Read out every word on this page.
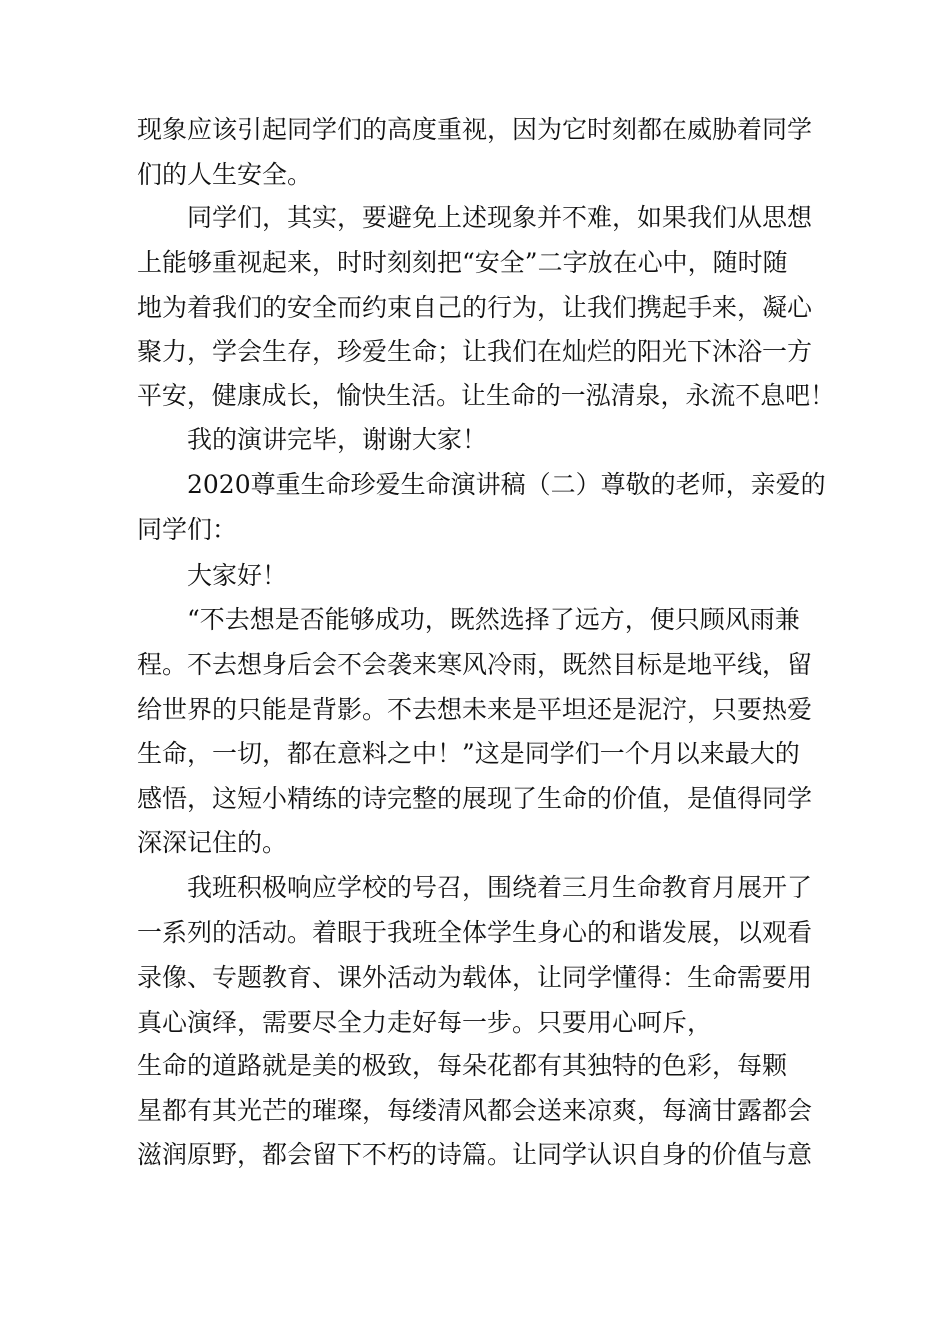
现象应该引起同学们的高度重视，因为它时刻都在威胁着同学
们的人生安全。
同学们，其实，要避免上述现象并不难，如果我们从思想
上能够重视起来，时时刻刻把“安全”二字放在心中，随时随
地为着我们的安全而约束自己的行为，让我们携起手来，凝心
聚力，学会生存，珍爱生命；让我们在灿烂的阳光下沐浴一方
平安，健康成长，愉快生活。让生命的一泓清泉，永流不息吧！
我的演讲完毕，谢谢大家！
2020尊重生命珍爱生命演讲稿（二）尊敬的老师，亲爱的
同学们：
大家好！
“不去想是否能够成功，既然选择了远方，便只顾风雨兼
程。不去想身后会不会袭来寒风冷雨，既然目标是地平线，留
给世界的只能是背影。不去想未来是平坦还是泥泞，只要热爱
生命，一切，都在意料之中！”这是同学们一个月以来最大的
感悟，这短小精练的诗完整的展现了生命的价值，是值得同学
深深记住的。
我班积极响应学校的号召，围绕着三月生命教育月展开了
一系列的活动。着眼于我班全体学生身心的和谐发展，以观看
录像、专题教育、课外活动为载体，让同学懂得：生命需要用
真心演绎，需要尽全力走好每一步。只要用心呵斥，
生命的道路就是美的极致，每朵花都有其独特的色彩，每颗
星都有其光芒的璀璨，每缕清风都会送来凉爽，每滴甘露都会
滋润原野，都会留下不朽的诗篇。让同学认识自身的价值与意
